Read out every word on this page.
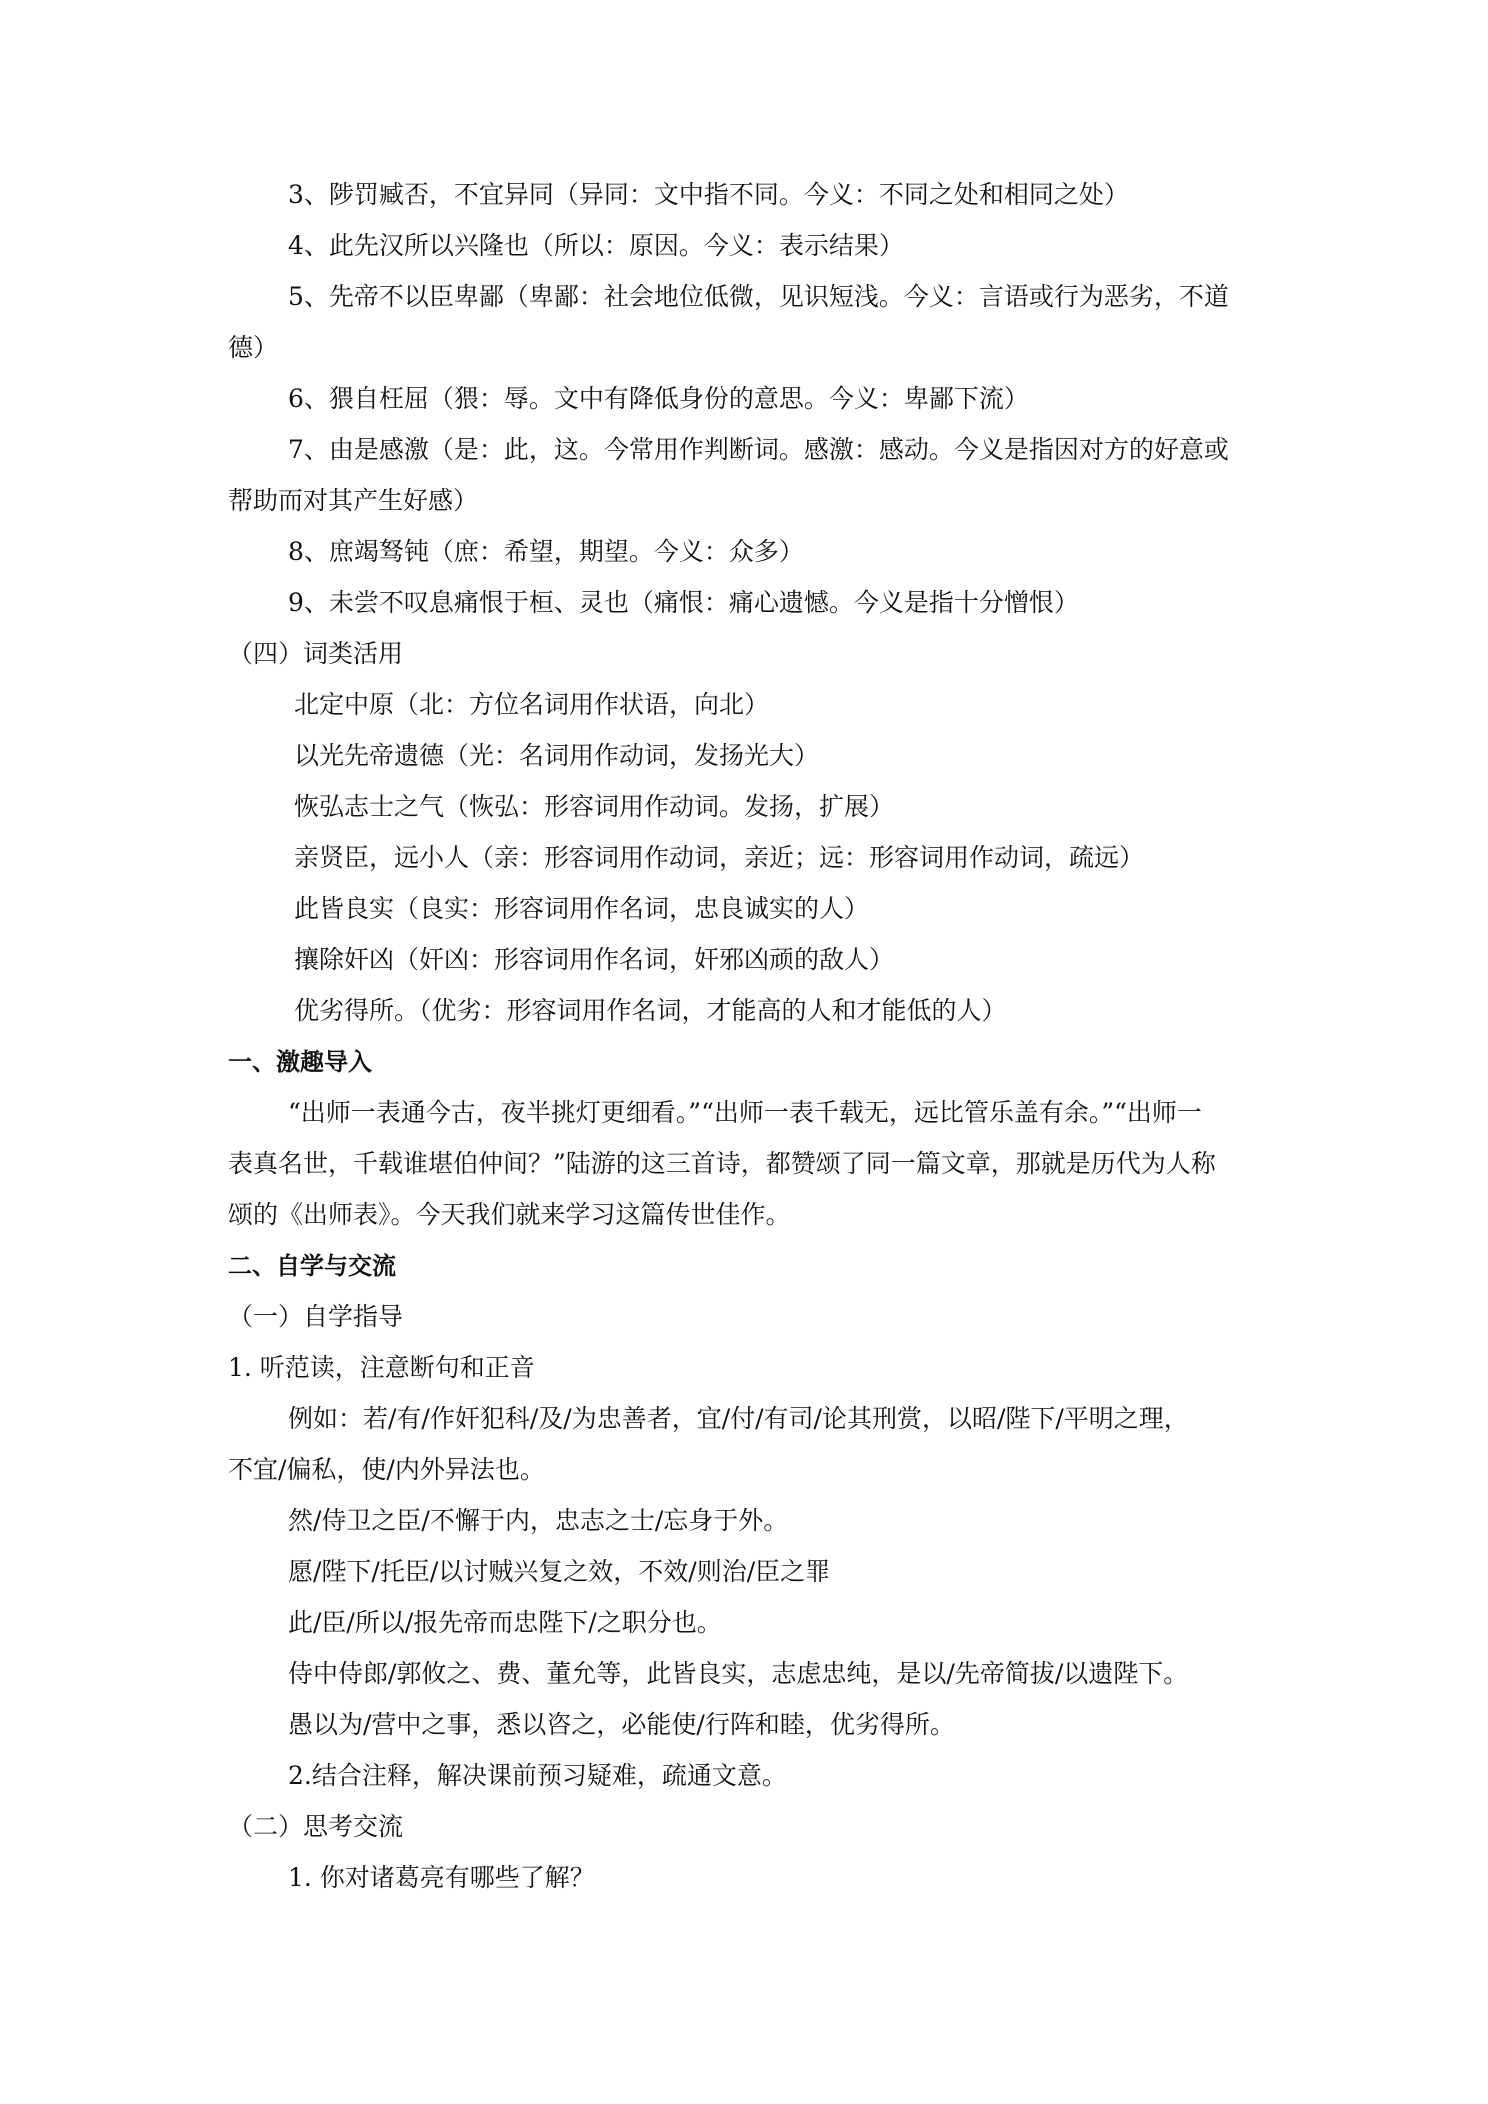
3、陟罚臧否，不宜异同（异同：文中指不同。今义：不同之处和相同之处）
4、此先汉所以兴隆也（所以：原因。今义：表示结果）
5、先帝不以臣卑鄙（卑鄙：社会地位低微，见识短浅。今义：言语或行为恶劣，不道
德）
6、猥自枉屈（猥：辱。文中有降低身份的意思。今义：卑鄙下流）
7、由是感激（是：此，这。今常用作判断词。感激：感动。今义是指因对方的好意或
帮助而对其产生好感）
8、庶竭驽钝（庶：希望，期望。今义：众多）
9、未尝不叹息痛恨于桓、灵也（痛恨：痛心遗憾。今义是指十分憎恨）
（四）词类活用
北定中原（北：方位名词用作状语，向北）
以光先帝遗德（光：名词用作动词，发扬光大）
恢弘志士之气（恢弘：形容词用作动词。发扬，扩展）
亲贤臣，远小人（亲：形容词用作动词，亲近；远：形容词用作动词，疏远）
此皆良实（良实：形容词用作名词，忠良诚实的人）
攘除奸凶（奸凶：形容词用作名词，奸邪凶顽的敌人）
优劣得所。（优劣：形容词用作名词，才能高的人和才能低的人）
一、激趣导入
“出师一表通今古，夜半挑灯更细看。”“出师一表千载无，远比管乐盖有余。”“出师一
表真名世，千载谁堪伯仲间？”陆游的这三首诗，都赞颂了同一篇文章，那就是历代为人称
颂的《出师表》。今天我们就来学习这篇传世佳作。
二、自学与交流
（一）自学指导
1. 听范读，注意断句和正音
例如：若/有/作奸犯科/及/为忠善者，宜/付/有司/论其刑赏，以昭/陛下/平明之理，
不宜/偏私，使/内外异法也。
然/侍卫之臣/不懈于内，忠志之士/忘身于外。
愿/陛下/托臣/以讨贼兴复之效，不效/则治/臣之罪
此/臣/所以/报先帝而忠陛下/之职分也。
侍中侍郎/郭攸之、费、董允等，此皆良实，志虑忠纯，是以/先帝简拔/以遗陛下。
愚以为/营中之事，悉以咨之，必能使/行阵和睦，优劣得所。
2.结合注释，解决课前预习疑难，疏通文意。
（二）思考交流
1. 你对诸葛亮有哪些了解？
